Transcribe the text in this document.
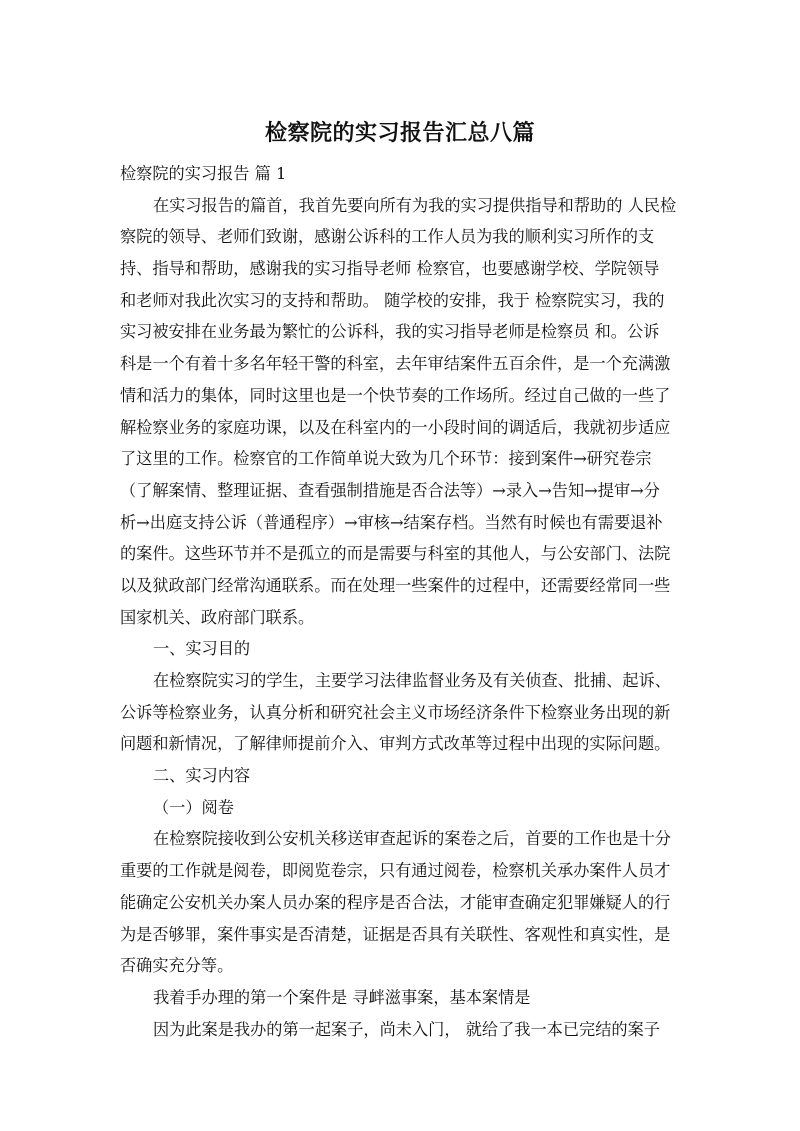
检察院的实习报告汇总八篇
检察院的实习报告 篇 1
在实习报告的篇首，我首先要向所有为我的实习提供指导和帮助的 人民检
察院的领导、老师们致谢，感谢公诉科的工作人员为我的顺利实习所作的支
持、指导和帮助，感谢我的实习指导老师 检察官，也要感谢学校、学院领导
和老师对我此次实习的支持和帮助。 随学校的安排，我于 检察院实习，我的
实习被安排在业务最为繁忙的公诉科，我的实习指导老师是检察员 和。公诉
科是一个有着十多名年轻干警的科室，去年审结案件五百余件，是一个充满激
情和活力的集体，同时这里也是一个快节奏的工作场所。经过自己做的一些了
解检察业务的家庭功课，以及在科室内的一小段时间的调适后，我就初步适应
了这里的工作。检察官的工作简单说大致为几个环节：接到案件→研究卷宗
（了解案情、整理证据、查看强制措施是否合法等）→录入→告知→提审→分
析→出庭支持公诉（普通程序）→审核→结案存档。当然有时候也有需要退补
的案件。这些环节并不是孤立的而是需要与科室的其他人，与公安部门、法院
以及狱政部门经常沟通联系。而在处理一些案件的过程中，还需要经常同一些
国家机关、政府部门联系。
一、实习目的
在检察院实习的学生，主要学习法律监督业务及有关侦查、批捕、起诉、
公诉等检察业务，认真分析和研究社会主义市场经济条件下检察业务出现的新
问题和新情况，了解律师提前介入、审判方式改革等过程中出现的实际问题。
二、实习内容
（一）阅卷
在检察院接收到公安机关移送审查起诉的案卷之后，首要的工作也是十分
重要的工作就是阅卷，即阅览卷宗，只有通过阅卷，检察机关承办案件人员才
能确定公安机关办案人员办案的程序是否合法，才能审查确定犯罪嫌疑人的行
为是否够罪，案件事实是否清楚，证据是否具有关联性、客观性和真实性，是
否确实充分等。
我着手办理的第一个案件是 寻衅滋事案，基本案情是
因为此案是我办的第一起案子，尚未入门， 就给了我一本已完结的案子
